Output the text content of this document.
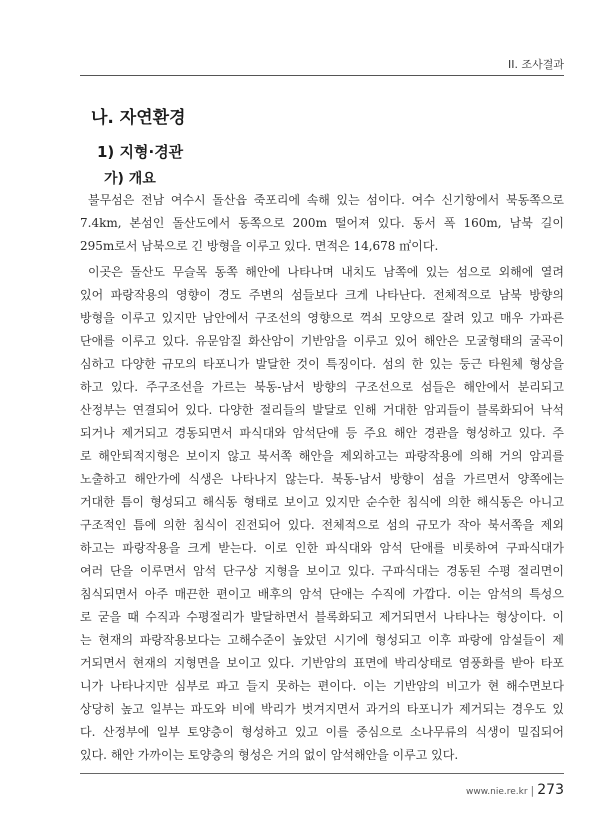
II. 조사결과
나. 자연환경
1) 지형·경관
가) 개요
불무섬은 전남 여수시 돌산읍 죽포리에 속해 있는 섬이다. 여수 신기항에서 북동쪽으로
7.4km, 본섬인 돌산도에서 동쪽으로 200m 떨어져 있다. 동서 폭 160m, 남북 길이
295m로서 남북으로 긴 방형을 이루고 있다. 면적은 14,678 ㎡이다.
이곳은 돌산도 무슬목 동쪽 해안에 나타나며 내치도 남쪽에 있는 섬으로 외해에 열려
있어 파랑작용의 영향이 경도 주변의 섬들보다 크게 나타난다. 전체적으로 남북 방향의
방형을 이루고 있지만 남안에서 구조선의 영향으로 꺽쇠 모양으로 잘려 있고 매우 가파른
단애를 이루고 있다. 유문암질 화산암이 기반암을 이루고 있어 해안은 모굴형태의 굴곡이
심하고 다양한 규모의 타포니가 발달한 것이 특징이다. 섬의 한 있는 둥근 타원체 형상을
하고 있다. 주구조선을 가르는 북동-남서 방향의 구조선으로 섬들은 해안에서 분리되고
산정부는 연결되어 있다. 다양한 절리들의 발달로 인해 거대한 암괴들이 블록화되어 낙석
되거나 제거되고 경동되면서 파식대와 암석단애 등 주요 해안 경관을 형성하고 있다. 주
로 해안퇴적지형은 보이지 않고 북서쪽 해안을 제외하고는 파랑작용에 의해 거의 암괴를
노출하고 해안가에 식생은 나타나지 않는다. 북동-남서 방향이 섬을 가르면서 양쪽에는
거대한 틈이 형성되고 해식동 형태로 보이고 있지만 순수한 침식에 의한 해식동은 아니고
구조적인 틈에 의한 침식이 진전되어 있다. 전체적으로 섬의 규모가 작아 북서쪽을 제외
하고는 파랑작용을 크게 받는다. 이로 인한 파식대와 암석 단애를 비롯하여 구파식대가
여러 단을 이루면서 암석 단구상 지형을 보이고 있다. 구파식대는 경동된 수평 절리면이
침식되면서 아주 매끈한 편이고 배후의 암석 단애는 수직에 가깝다. 이는 암석의 특성으
로 굳을 때 수직과 수평절리가 발달하면서 블록화되고 제거되면서 나타나는 형상이다. 이
는 현재의 파랑작용보다는 고해수준이 높았던 시기에 형성되고 이후 파랑에 암설들이 제
거되면서 현재의 지형면을 보이고 있다. 기반암의 표면에 박리상태로 염풍화를 받아 타포
니가 나타나지만 심부로 파고 들지 못하는 편이다. 이는 기반암의 비고가 현 해수면보다
상당히 높고 일부는 파도와 비에 박리가 벗겨지면서 과거의 타포니가 제거되는 경우도 있
다. 산정부에 일부 토양층이 형성하고 있고 이를 중심으로 소나무류의 식생이 밀집되어
있다. 해안 가까이는 토양층의 형성은 거의 없이 암석해안을 이루고 있다.
www.nie.re.kr | 273
